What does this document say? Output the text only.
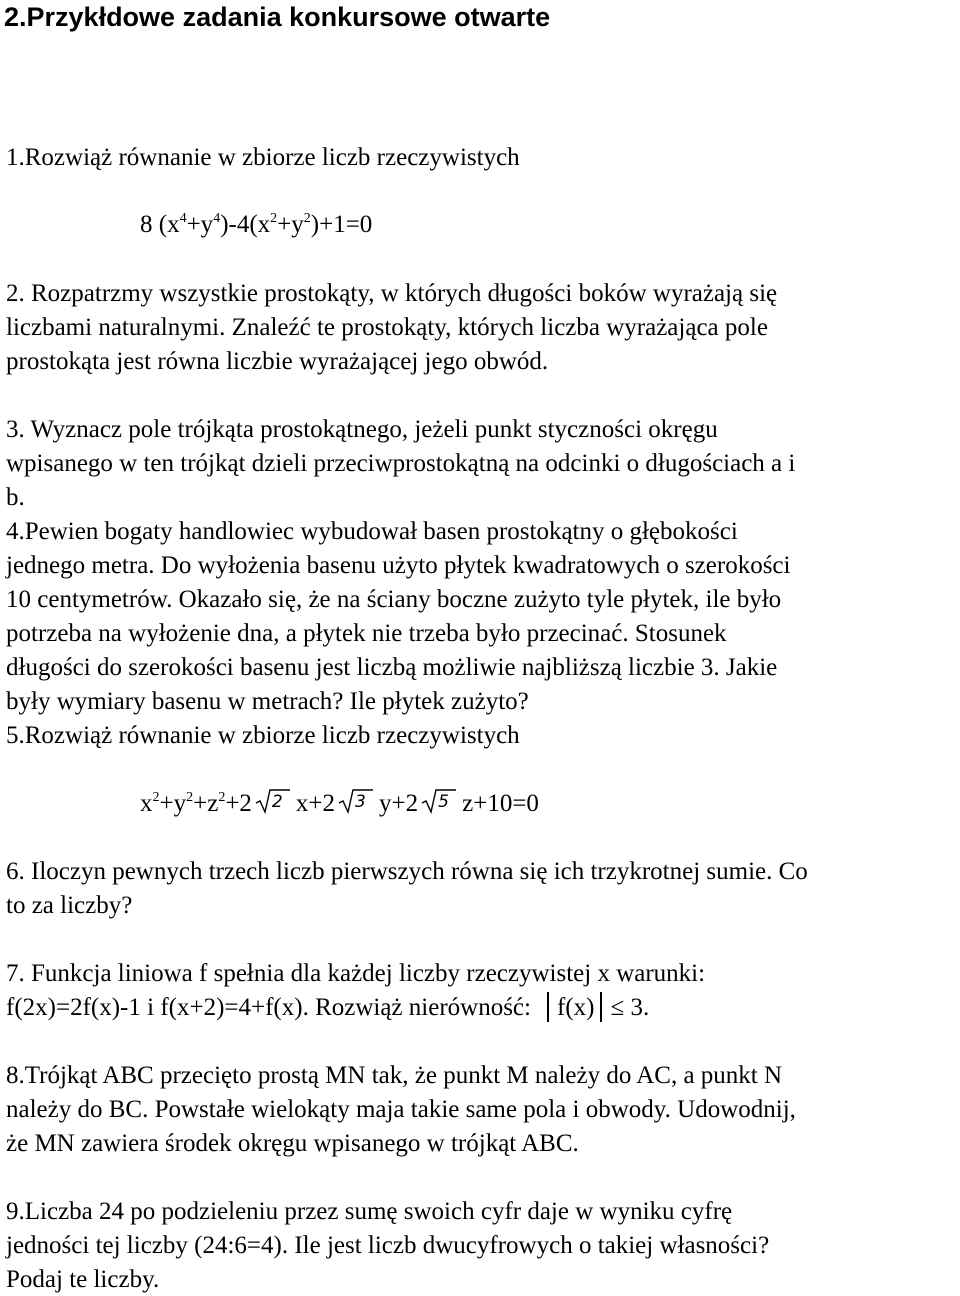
2.Przykłdowe zadania konkursowe otwarte
1.Rozwiąż równanie w zbiorze liczb rzeczywistych
8 $(x^4+y^4)-4(x^2+y^2)+1=0$
2. Rozpatrzmy wszystkie prostokąty, w których długości boków wyrażają się
liczbami naturalnymi. Znaleźć te prostokąty, których liczba wyrażająca pole
prostokąta jest równa liczbie wyrażającej jego obwód.
3. Wyznacz pole trójkąta prostokątnego, jeżeli punkt styczności okręgu
wpisanego w ten trójkąt dzieli przeciwprostokątną na odcinki o długościach a i
b.
4.Pewien bogaty handlowiec wybudował basen prostokątny o głębokości
jednego metra. Do wyłożenia basenu użyto płytek kwadratowych o szerokości
10 centymetrów. Okazało się, że na ściany boczne zużyto tyle płytek, ile było
potrzeba na wyłożenie dna, a płytek nie trzeba było przecinać. Stosunek
długości do szerokości basenu jest liczbą możliwie najbliższą liczbie 3. Jakie
były wymiary basenu w metrach? Ile płytek zużyto?
5.Rozwiąż równanie w zbiorze liczb rzeczywistych
$x^2+y^2+z^2+2$ 2 x+2 3 y+2 5 z+10=0
6. Iloczyn pewnych trzech liczb pierwszych równa się ich trzykrotnej sumie. Co
to za liczby?
7. Funkcja liniowa f spełnia dla każdej liczby rzeczywistej x warunki:
f(2x)=2f(x)-1 i f(x+2)=4+f(x). Rozwiąż nierówność: f(x) ≤ 3.
8.Trójkąt ABC przecięto prostą MN tak, że punkt M należy do AC, a punkt N
należy do BC. Powstałe wielokąty maja takie same pola i obwody. Udowodnij,
że MN zawiera środek okręgu wpisanego w trójkąt ABC.
9.Liczba 24 po podzieleniu przez sumę swoich cyfr daje w wyniku cyfrę
jedności tej liczby (24:6=4). Ile jest liczb dwucyfrowych o takiej własności?
Podaj te liczby.
